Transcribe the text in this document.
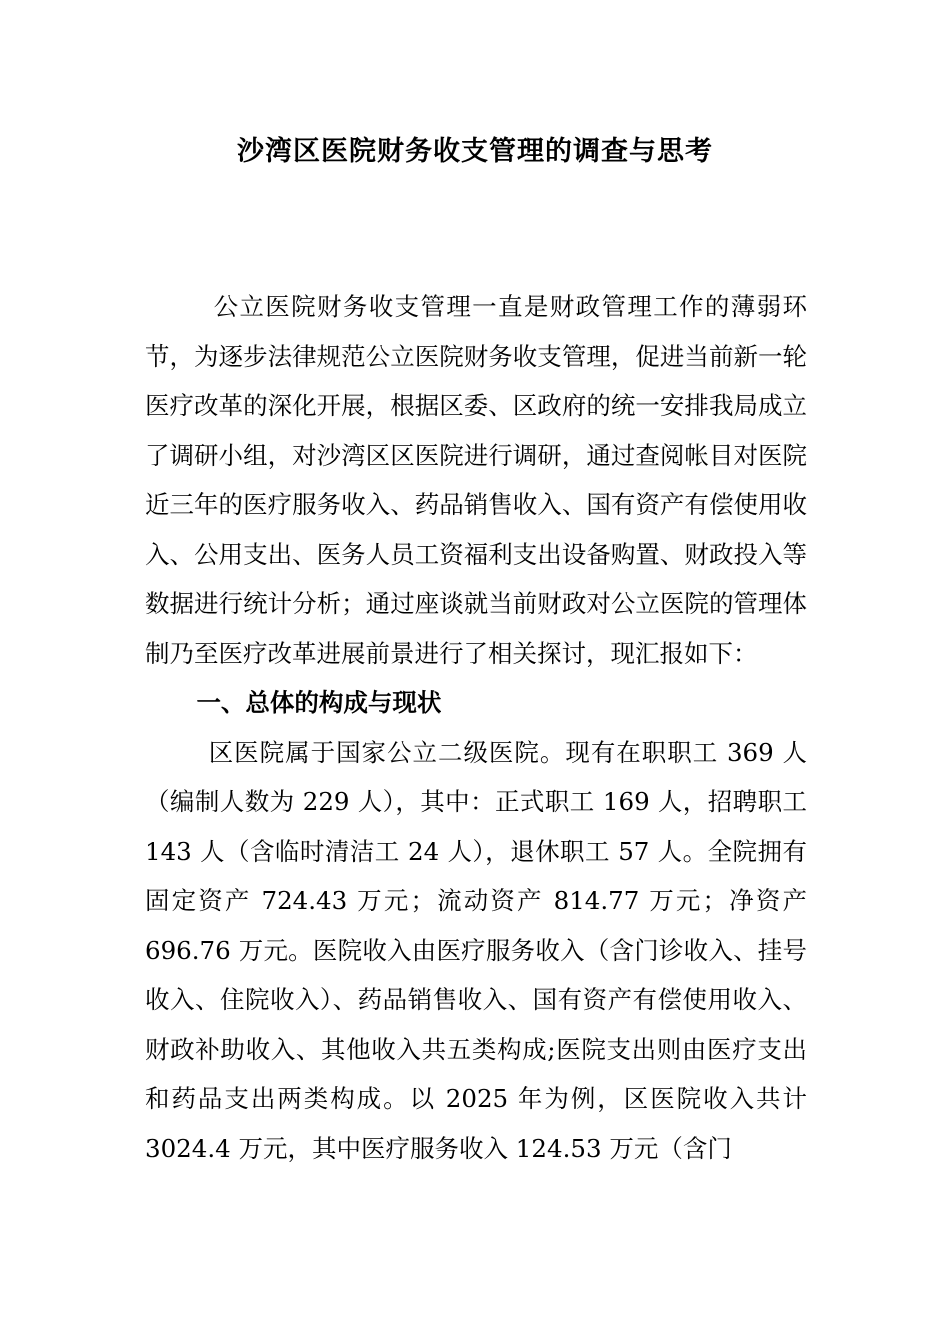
沙湾区医院财务收支管理的调查与思考

公立医院财务收支管理一直是财政管理工作的薄弱环节，为逐步法律规范公立医院财务收支管理，促进当前新一轮医疗改革的深化开展，根据区委、区政府的统一安排我局成立了调研小组，对沙湾区区医院进行调研，通过查阅帐目对医院近三年的医疗服务收入、药品销售收入、国有资产有偿使用收入、公用支出、医务人员工资福利支出设备购置、财政投入等数据进行统计分析；通过座谈就当前财政对公立医院的管理体制乃至医疗改革进展前景进行了相关探讨，现汇报如下：

一、总体的构成与现状

区医院属于国家公立二级医院。现有在职职工 369 人（编制人数为 229 人），其中：正式职工 169 人，招聘职工 143 人（含临时清洁工 24 人），退休职工 57 人。全院拥有固定资产 724.43 万元；流动资产 814.77 万元；净资产 696.76 万元。医院收入由医疗服务收入（含门诊收入、挂号收入、住院收入）、药品销售收入、国有资产有偿使用收入、财政补助收入、其他收入共五类构成;医院支出则由医疗支出和药品支出两类构成。以 2025 年为例，区医院收入共计 3024.4 万元，其中医疗服务收入 124.53 万元（含门
